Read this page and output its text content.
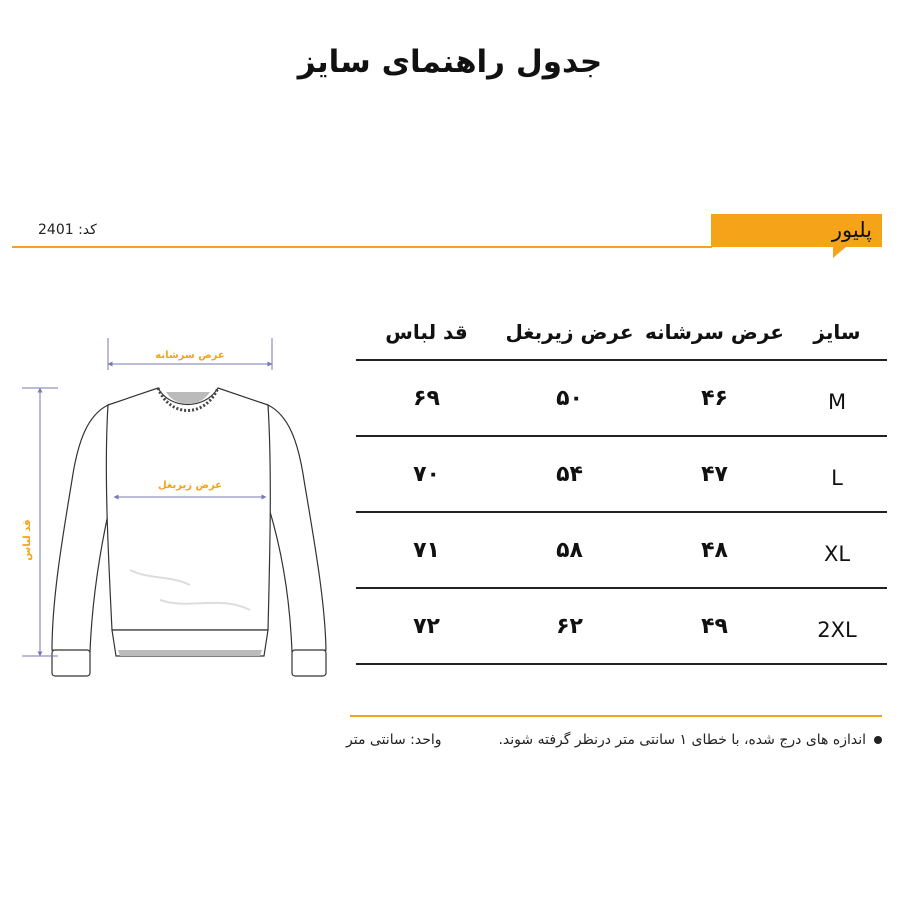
جدول راهنمای سایز
کد: 2401	پلیور
عرض سرشانه
عرض زیربغل
قد لباس
سایز	عرض سرشانه	عرض زیربغل	قد لباس
M	۴۶	۵۰	۶۹
L	۴۷	۵۴	۷۰
XL	۴۸	۵۸	۷۱
2XL	۴۹	۶۲	۷۲
اندازه های درج شده، با خطای ۱ سانتی متر درنظر گرفته شوند.
واحد: سانتی متر
